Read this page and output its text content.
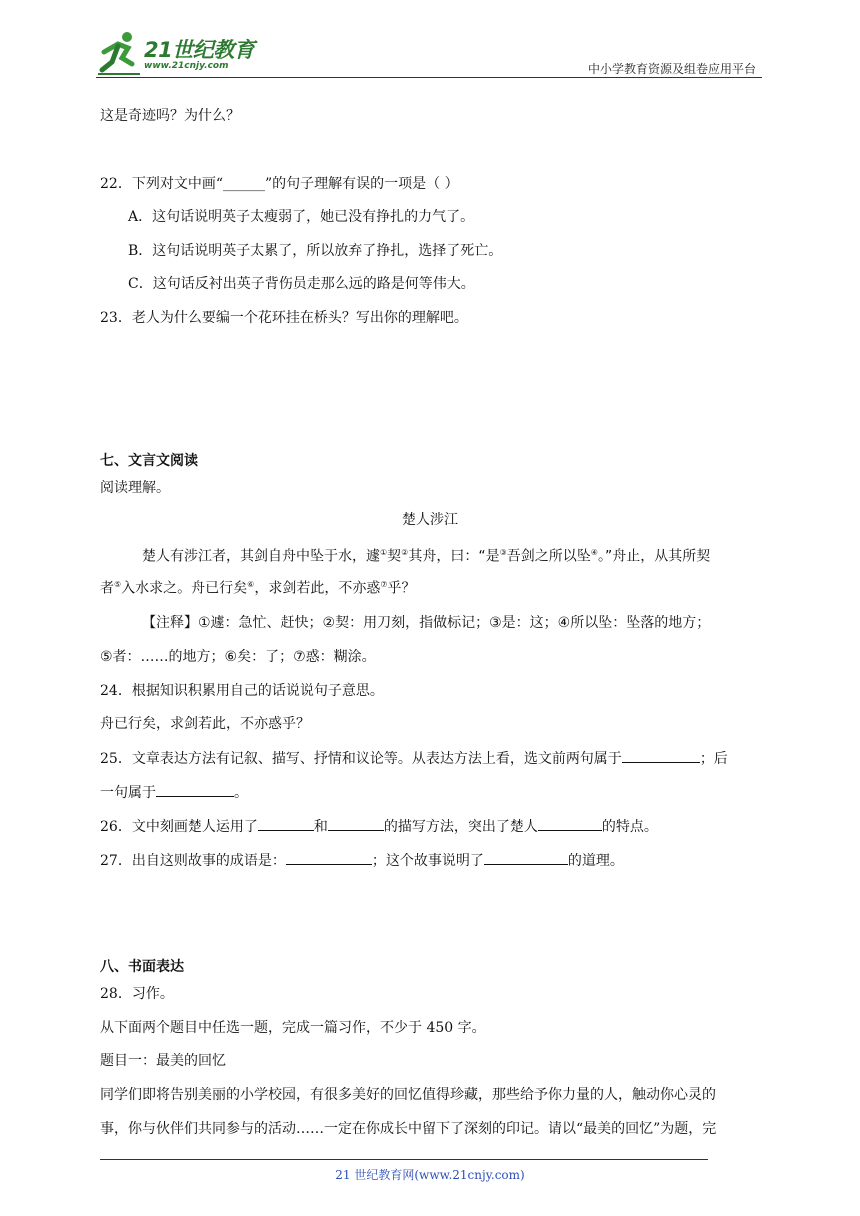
21世纪教育
www.21cnjy.com	中小学教育资源及组卷应用平台
这是奇迹吗？为什么？
22．下列对文中画“______”的句子理解有误的一项是（ ）
A．这句话说明英子太瘦弱了，她已没有挣扎的力气了。
B．这句话说明英子太累了，所以放弃了挣扎，选择了死亡。
C．这句话反衬出英子背伤员走那么远的路是何等伟大。
23．老人为什么要编一个花环挂在桥头？写出你的理解吧。
七、文言文阅读
阅读理解。
楚人涉江
楚人有涉江者，其剑自舟中坠于水，遽①契②其舟，曰：“是③吾剑之所以坠④。”舟止，从其所契
者⑤入水求之。舟已行矣⑥，求剑若此，不亦惑⑦乎？
【注释】①遽：急忙、赶快；②契：用刀刻，指做标记；③是：这；④所以坠：坠落的地方；
⑤者：……的地方；⑥矣：了；⑦惑：糊涂。
24．根据知识积累用自己的话说说句子意思。
舟已行矣，求剑若此，不亦惑乎？
25．文章表达方法有记叙、描写、抒情和议论等。从表达方法上看，选文前两句属于	；后
一句属于	。
26．文中刻画楚人运用了	和	的描写方法，突出了楚人	的特点。
27．出自这则故事的成语是：	；这个故事说明了	的道理。
八、书面表达
28．习作。
从下面两个题目中任选一题，完成一篇习作，不少于 450 字。
题目一：最美的回忆
同学们即将告别美丽的小学校园，有很多美好的回忆值得珍藏，那些给予你力量的人，触动你心灵的
事，你与伙伴们共同参与的活动……一定在你成长中留下了深刻的印记。请以“最美的回忆”为题，完
21 世纪教育网(www.21cnjy.com)
